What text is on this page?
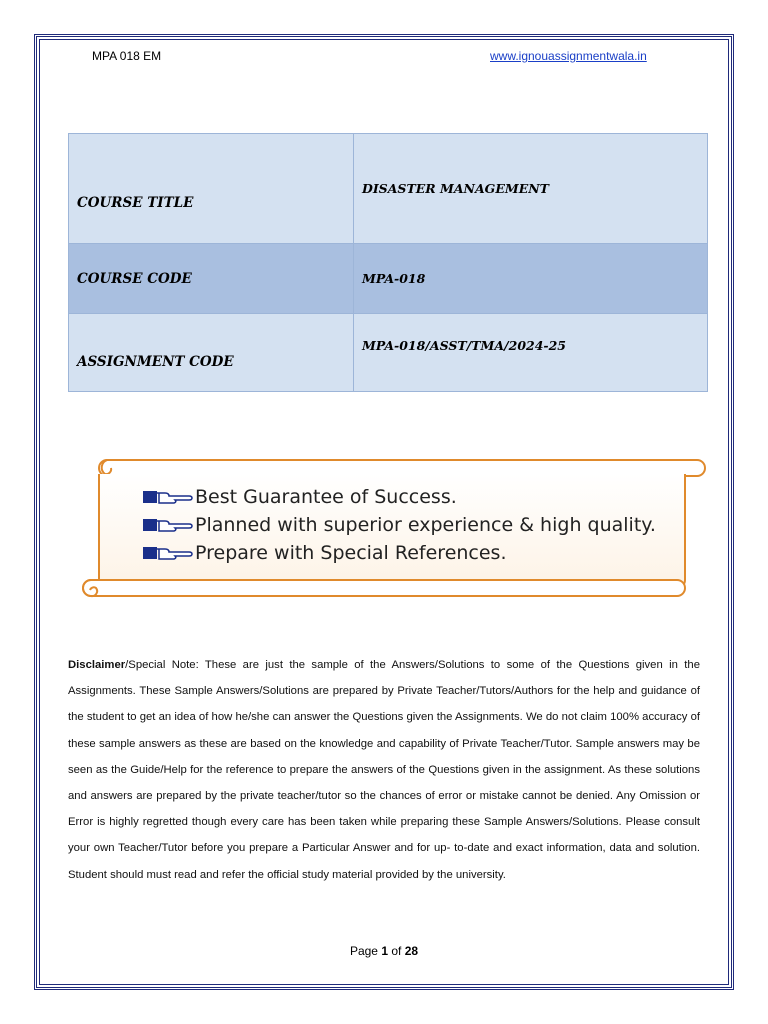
MPA 018 EM	www.ignouassignmentwala.in
COURSE TITLE	DISASTER MANAGEMENT
COURSE CODE	MPA-018
ASSIGNMENT CODE	MPA-018/ASST/TMA/2024-25
Best Guarantee of Success.
Planned with superior experience & high quality.
Prepare with Special References.
Disclaimer/Special Note: These are just the sample of the Answers/Solutions to some of the Questions given in the Assignments. These Sample Answers/Solutions are prepared by Private Teacher/Tutors/Authors for the help and guidance of the student to get an idea of how he/she can answer the Questions given the Assignments. We do not claim 100% accuracy of these sample answers as these are based on the knowledge and capability of Private Teacher/Tutor. Sample answers may be seen as the Guide/Help for the reference to prepare the answers of the Questions given in the assignment. As these solutions and answers are prepared by the private teacher/tutor so the chances of error or mistake cannot be denied. Any Omission or Error is highly regretted though every care has been taken while preparing these Sample Answers/Solutions. Please consult your own Teacher/Tutor before you prepare a Particular Answer and for up- to-date and exact information, data and solution. Student should must read and refer the official study material provided by the university.
Page 1 of 28
